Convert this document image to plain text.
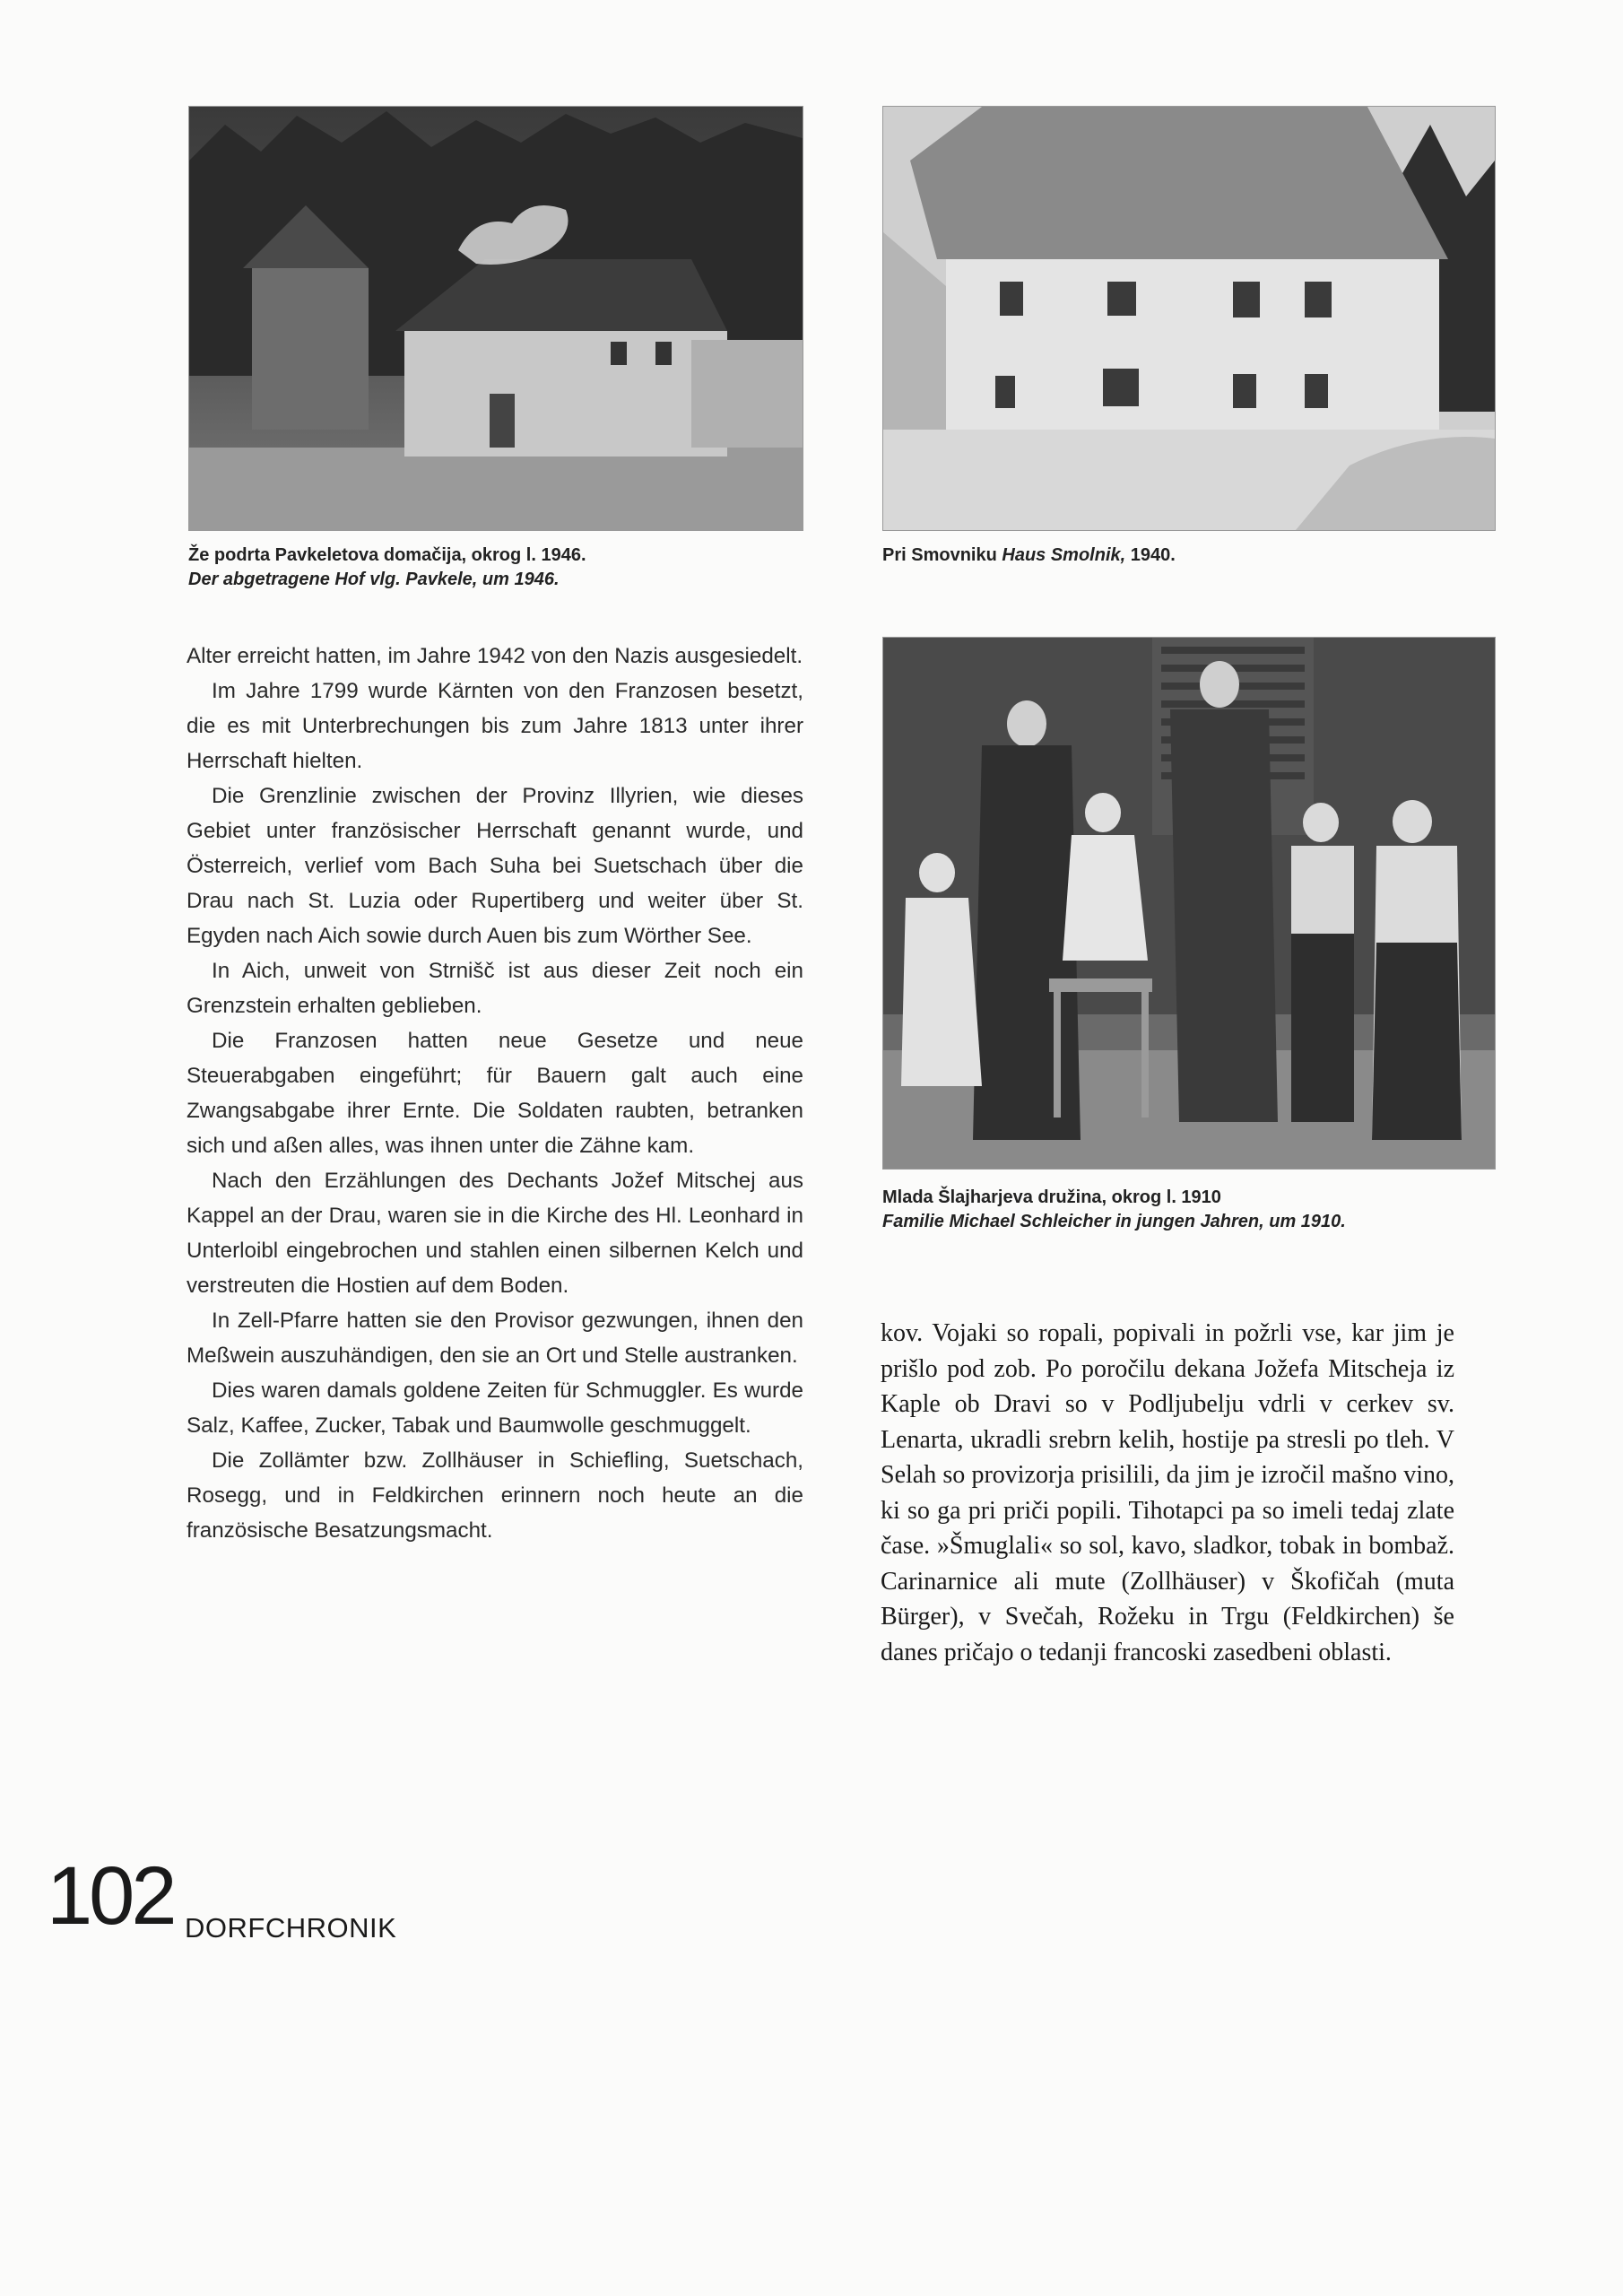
Že podrta Pavkeletova domačija, okrog l. 1946.
Der abgetragene Hof vlg. Pavkele, um 1946.
Pri Smovniku Haus Smolnik, 1940.
Mlada Šlajharjeva družina, okrog l. 1910
Familie Michael Schleicher in jungen Jahren, um 1910.

Alter erreicht hatten, im Jahre 1942 von den Nazis ausgesiedelt.

Im Jahre 1799 wurde Kärnten von den Franzosen besetzt, die es mit Unterbrechungen bis zum Jahre 1813 unter ihrer Herrschaft hielten.

Die Grenzlinie zwischen der Provinz Illyrien, wie dieses Gebiet unter französischer Herrschaft genannt wurde, und Österreich, verlief vom Bach Suha bei Suetschach über die Drau nach St. Luzia oder Rupertiberg und weiter über St. Egyden nach Aich sowie durch Auen bis zum Wörther See.

In Aich, unweit von Strnišč ist aus dieser Zeit noch ein Grenzstein erhalten geblieben.

Die Franzosen hatten neue Gesetze und neue Steuerabgaben eingeführt; für Bauern galt auch eine Zwangsabgabe ihrer Ernte. Die Soldaten raubten, betranken sich und aßen alles, was ihnen unter die Zähne kam.

Nach den Erzählungen des Dechants Jožef Mitschej aus Kappel an der Drau, waren sie in die Kirche des Hl. Leonhard in Unterloibl eingebrochen und stahlen einen silbernen Kelch und verstreuten die Hostien auf dem Boden.

In Zell-Pfarre hatten sie den Provisor gezwungen, ihnen den Meßwein auszuhändigen, den sie an Ort und Stelle austranken.

Dies waren damals goldene Zeiten für Schmuggler. Es wurde Salz, Kaffee, Zucker, Tabak und Baumwolle geschmuggelt.

Die Zollämter bzw. Zollhäuser in Schiefling, Suetschach, Rosegg, und in Feldkirchen erinnern noch heute an die französische Besatzungsmacht.

kov. Vojaki so ropali, popivali in požrli vse, kar jim je prišlo pod zob. Po poročilu dekana Jožefa Mitscheja iz Kaple ob Dravi so v Podljubelju vdrli v cerkev sv. Lenarta, ukradli srebrn kelih, hostije pa stresli po tleh. V Selah so provizorja prisilili, da jim je izročil mašno vino, ki so ga pri priči popili. Tihotapci pa so imeli tedaj zlate čase. »Šmuglali« so sol, kavo, sladkor, tobak in bombaž. Carinarnice ali mute (Zollhäuser) v Škofičah (muta Bürger), v Svečah, Rožeku in Trgu (Feldkirchen) še danes pričajo o tedanji francoski zasedbeni oblasti.

102 DORFCHRONIK
